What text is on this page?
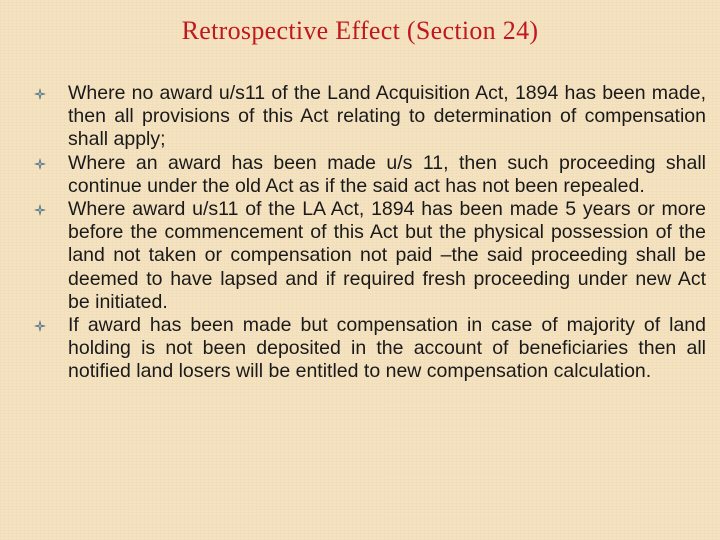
Retrospective Effect (Section 24)
Where no award u/s11 of the Land Acquisition Act, 1894 has been made, then all provisions of this Act relating to determination of compensation shall apply;
Where an award has been made u/s 11, then such proceeding shall continue under the old Act as if the said act has not been repealed.
Where award u/s11 of the LA Act, 1894 has been made 5 years or more before the commencement of this Act but the physical possession of the land not taken or compensation not paid –the said proceeding shall be deemed to have lapsed and if required fresh proceeding under new Act be initiated.
If award has been made but compensation in case of majority of land holding is not been deposited in the account of beneficiaries then all notified land losers will be entitled to new compensation calculation.
